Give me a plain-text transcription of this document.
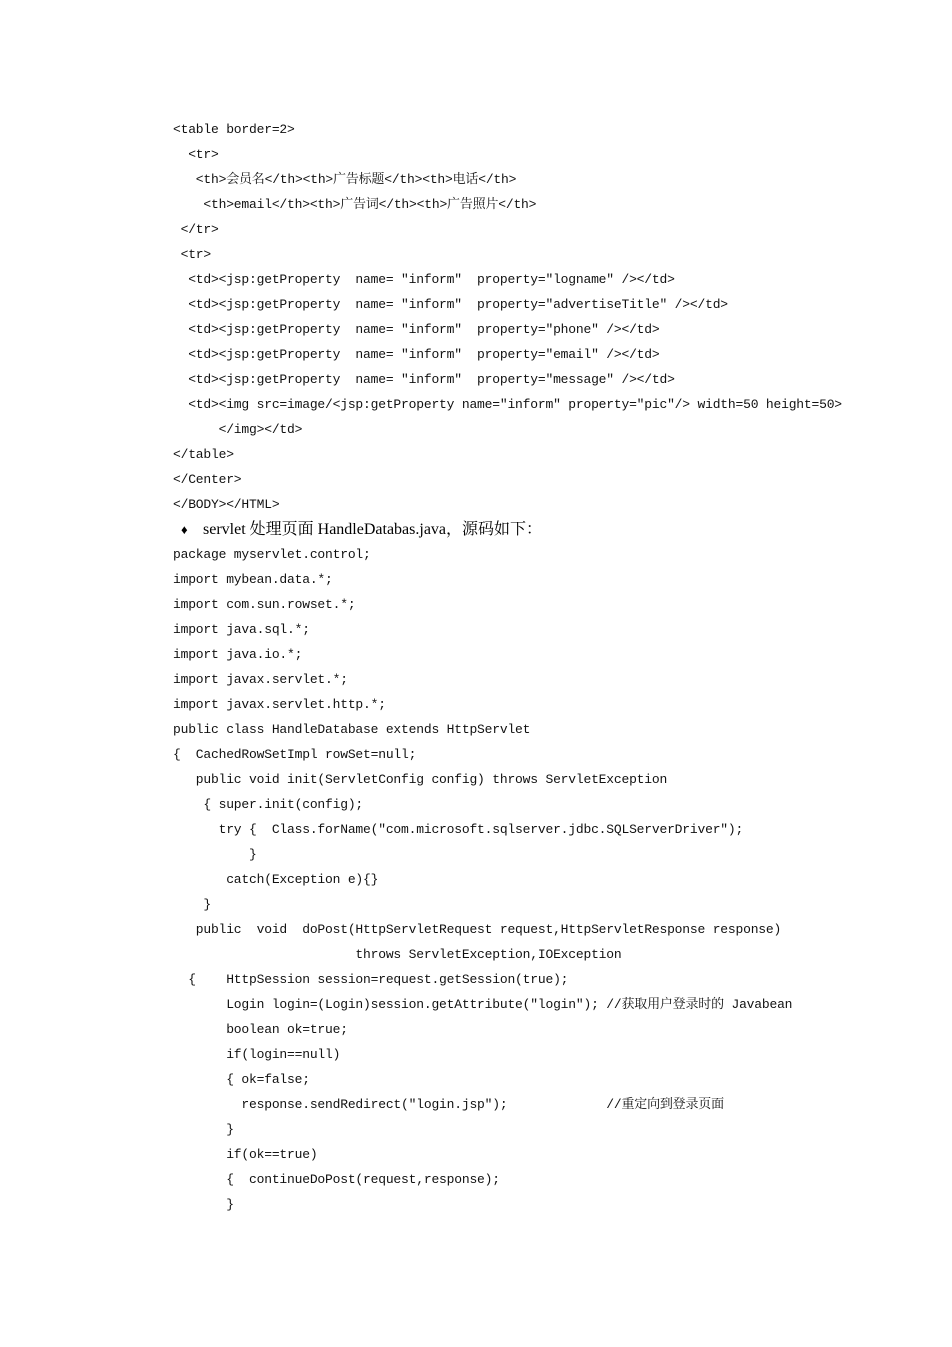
<table border=2>
<tr>
<th>会员名</th><th>广告标题</th><th>电话</th>
<th>email</th><th>广告词</th><th>广告照片</th>
</tr>
<tr>
<td><jsp:getProperty  name= "inform"  property="logname" /></td>
<td><jsp:getProperty  name= "inform"  property="advertiseTitle" /></td>
<td><jsp:getProperty  name= "inform"  property="phone" /></td>
<td><jsp:getProperty  name= "inform"  property="email" /></td>
<td><jsp:getProperty  name= "inform"  property="message" /></td>
<td><img src=image/<jsp:getProperty name="inform" property="pic"/> width=50 height=50>
</img></td>
</table>
</Center>
</BODY></HTML>
♦ servlet 处理页面 HandleDatabas.java，源码如下：
package myservlet.control;
import mybean.data.*;
import com.sun.rowset.*;
import java.sql.*;
import java.io.*;
import javax.servlet.*;
import javax.servlet.http.*;
public class HandleDatabase extends HttpServlet
{  CachedRowSetImpl rowSet=null;
public void init(ServletConfig config) throws ServletException
{ super.init(config);
try {  Class.forName("com.microsoft.sqlserver.jdbc.SQLServerDriver");
}
catch(Exception e){}
}
public  void  doPost(HttpServletRequest request,HttpServletResponse response)
throws ServletException,IOException
{    HttpSession session=request.getSession(true);
Login login=(Login)session.getAttribute("login"); //获取用户登录时的 Javabean
boolean ok=true;
if(login==null)
{ ok=false;
response.sendRedirect("login.jsp");             //重定向到登录页面
}
if(ok==true)
{  continueDoPost(request,response);
}
